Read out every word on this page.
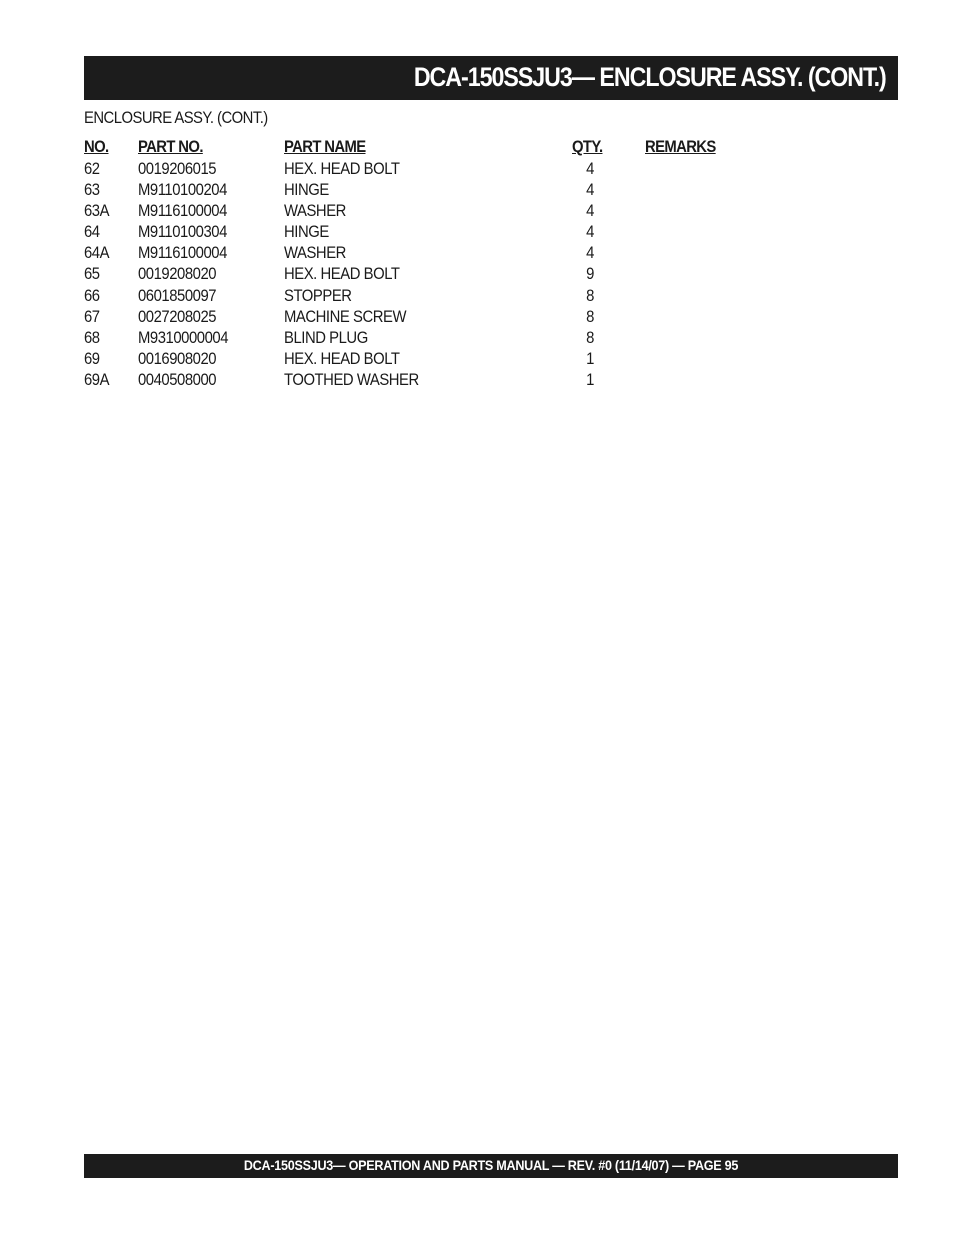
DCA-150SSJU3— ENCLOSURE ASSY. (CONT.)
ENCLOSURE ASSY. (CONT.)
NO. PART NO.	PART NAME	QTY.	REMARKS
62 0019206015	HEX. HEAD BOLT	4
63 M9110100204	HINGE	4
63A M9116100004	WASHER	4
64 M9110100304	HINGE	4
64A M9116100004	WASHER	4
65 0019208020	HEX. HEAD BOLT	9
66 0601850097	STOPPER	8
67 0027208025	MACHINE SCREW	8
68 M9310000004	BLIND PLUG	8
69 0016908020	HEX. HEAD BOLT	1
69A 0040508000	TOOTHED WASHER	1
DCA-150SSJU3— OPERATION AND PARTS MANUAL — REV. #0 (11/14/07) — PAGE 95
